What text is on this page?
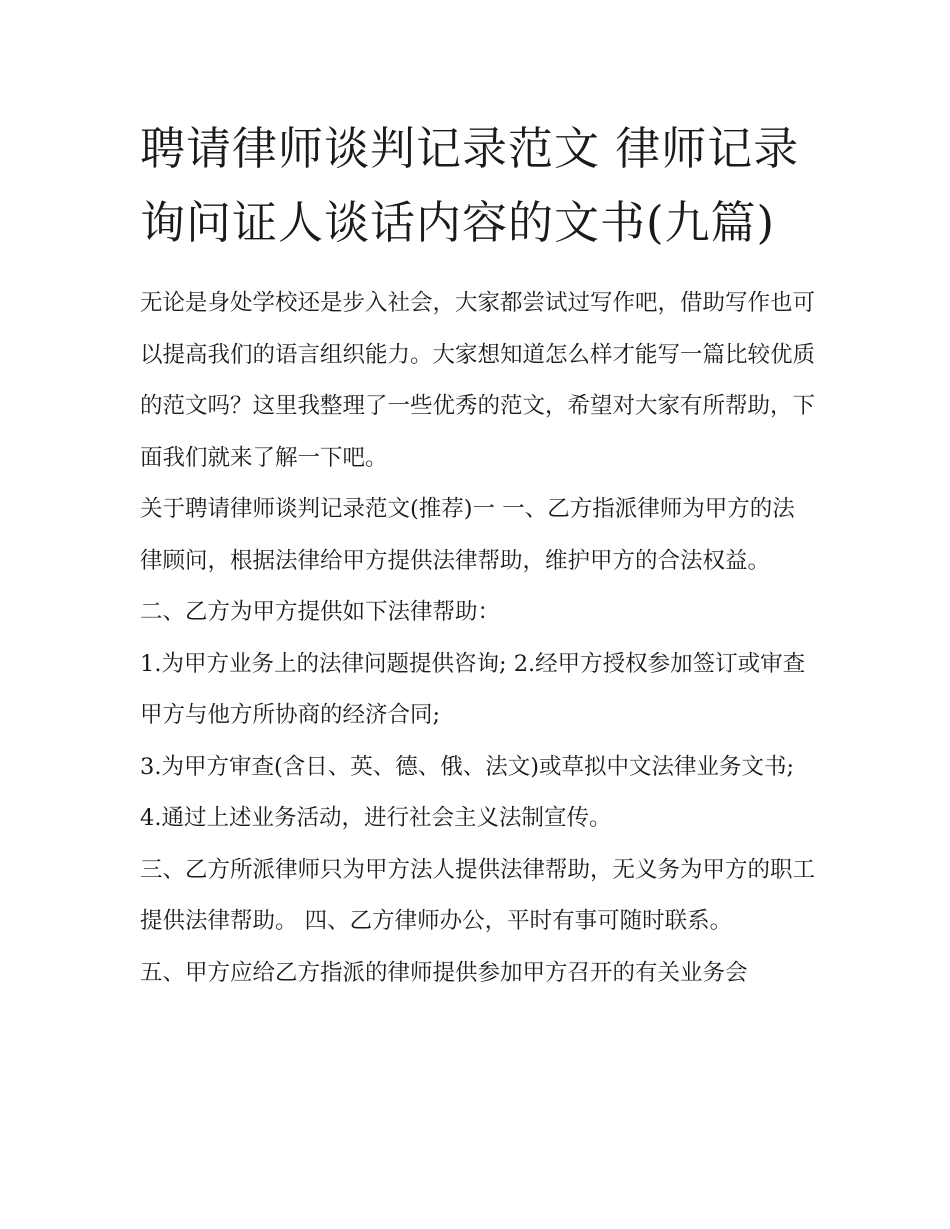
聘请律师谈判记录范文 律师记录询问证人谈话内容的文书(九篇)

无论是身处学校还是步入社会，大家都尝试过写作吧，借助写作也可以提高我们的语言组织能力。大家想知道怎么样才能写一篇比较优质的范文吗？这里我整理了一些优秀的范文，希望对大家有所帮助，下面我们就来了解一下吧。

关于聘请律师谈判记录范文(推荐)一 一、乙方指派律师为甲方的法律顾问，根据法律给甲方提供法律帮助，维护甲方的合法权益。 二、乙方为甲方提供如下法律帮助：

1.为甲方业务上的法律问题提供咨询; 2.经甲方授权参加签订或审查甲方与他方所协商的经济合同;

3.为甲方审查(含日、英、德、俄、法文)或草拟中文法律业务文书; 4.通过上述业务活动，进行社会主义法制宣传。

三、乙方所派律师只为甲方法人提供法律帮助，无义务为甲方的职工提供法律帮助。 四、乙方律师办公，平时有事可随时联系。

五、甲方应给乙方指派的律师提供参加甲方召开的有关业务会
